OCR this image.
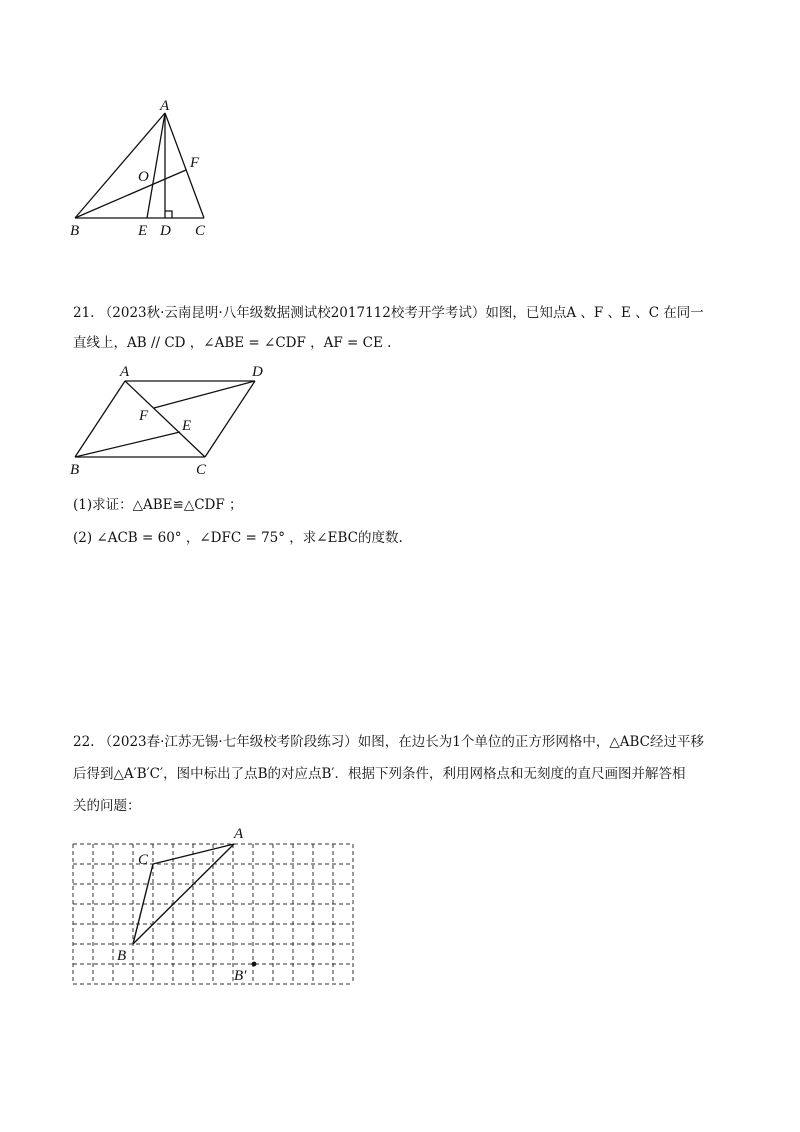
A
F
O
B	E D C
21. （2023秋·云南昆明·八年级数据测试校2017112校考开学考试）如图，已知点A 、F 、E 、C 在同一
直线上，AB // CD ，∠ABE = ∠CDF ，AF = CE .
A	D
F
E
B	C
(1)求证：△ABE≌△CDF ；
(2) ∠ACB = 60° ，∠DFC = 75° ，求∠EBC的度数.
22. （2023春·江苏无锡·七年级校考阶段练习）如图，在边长为1个单位的正方形网格中，△ABC经过平移
后得到△A′B′C′，图中标出了点B的对应点B′．根据下列条件，利用网格点和无刻度的直尺画图并解答相
关的问题：
A
C
B
B′
